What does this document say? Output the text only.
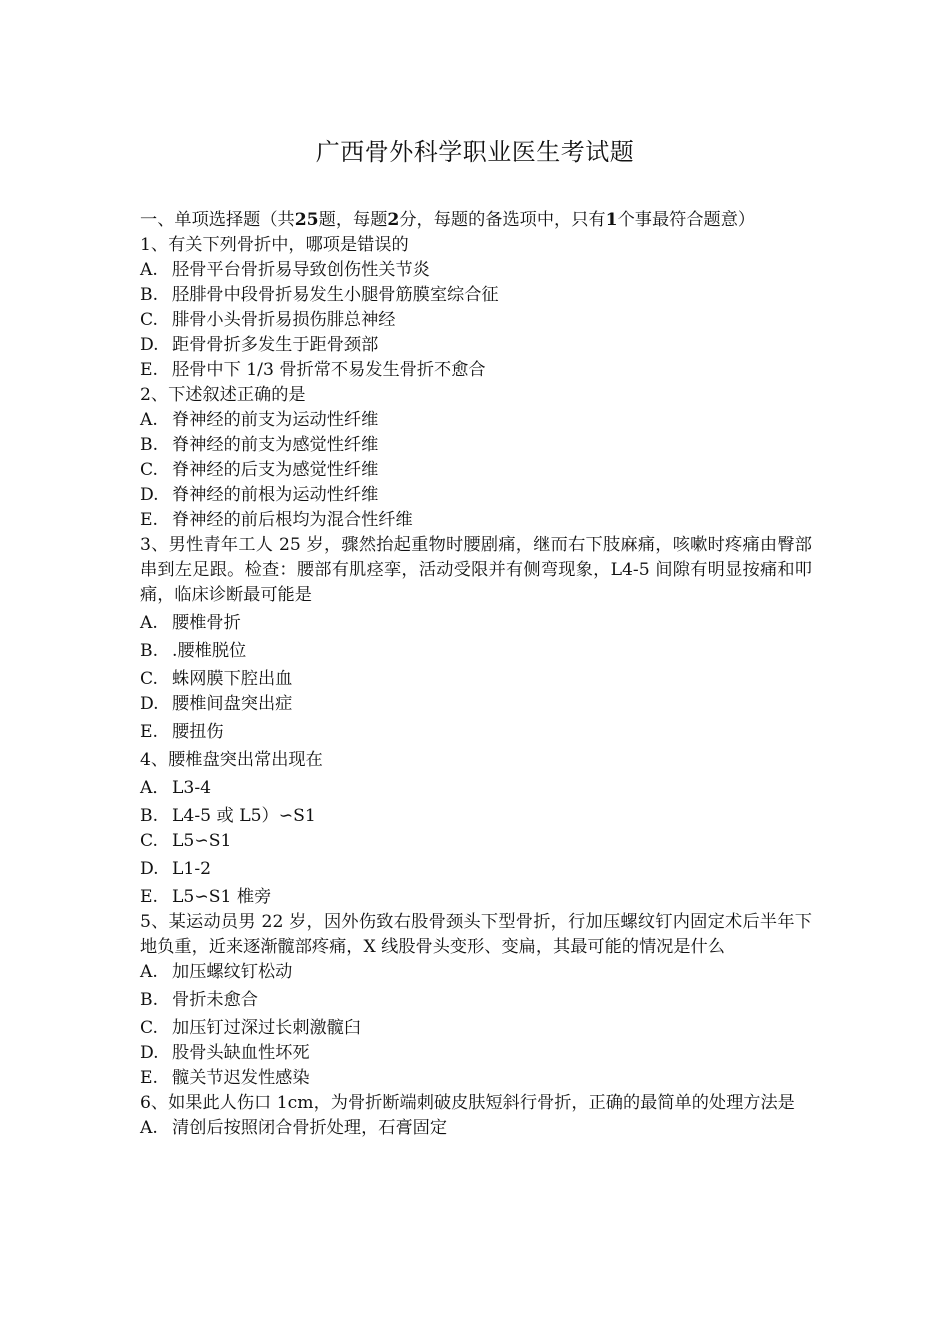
广西骨外科学职业医生考试题
一、单项选择题（共25题，每题2分，每题的备选项中，只有1个事最符合题意）
1、有关下列骨折中，哪项是错误的
A. 胫骨平台骨折易导致创伤性关节炎
B. 胫腓骨中段骨折易发生小腿骨筋膜室综合征
C. 腓骨小头骨折易损伤腓总神经
D. 距骨骨折多发生于距骨颈部
E. 胫骨中下 1/3 骨折常不易发生骨折不愈合
2、下述叙述正确的是
A. 脊神经的前支为运动性纤维
B. 脊神经的前支为感觉性纤维
C. 脊神经的后支为感觉性纤维
D. 脊神经的前根为运动性纤维
E. 脊神经的前后根均为混合性纤维
3、男性青年工人 25 岁，骤然抬起重物时腰剧痛，继而右下肢麻痛，咳嗽时疼痛由臀部串到左足跟。检查：腰部有肌痉挛，活动受限并有侧弯现象，L4-5 间隙有明显按痛和叩痛，临床诊断最可能是
A. 腰椎骨折
B. .腰椎脱位
C. 蛛网膜下腔出血
D. 腰椎间盘突出症
E. 腰扭伤
4、腰椎盘突出常出现在
A． L3-4
B. L4-5 或 L5）∽S1
C. L5∽S1
D. L1-2
E. L5∽S1 椎旁
5、某运动员男 22 岁，因外伤致右股骨颈头下型骨折，行加压螺纹钉内固定术后半年下地负重，近来逐渐髋部疼痛，X 线股骨头变形、变扁，其最可能的情况是什么
A. 加压螺纹钉松动
B. 骨折未愈合
C. 加压钉过深过长刺激髋臼
D. 股骨头缺血性坏死
E. 髋关节迟发性感染
6、如果此人伤口 1cm，为骨折断端刺破皮肤短斜行骨折，正确的最简单的处理方法是
A. 清创后按照闭合骨折处理，石膏固定
